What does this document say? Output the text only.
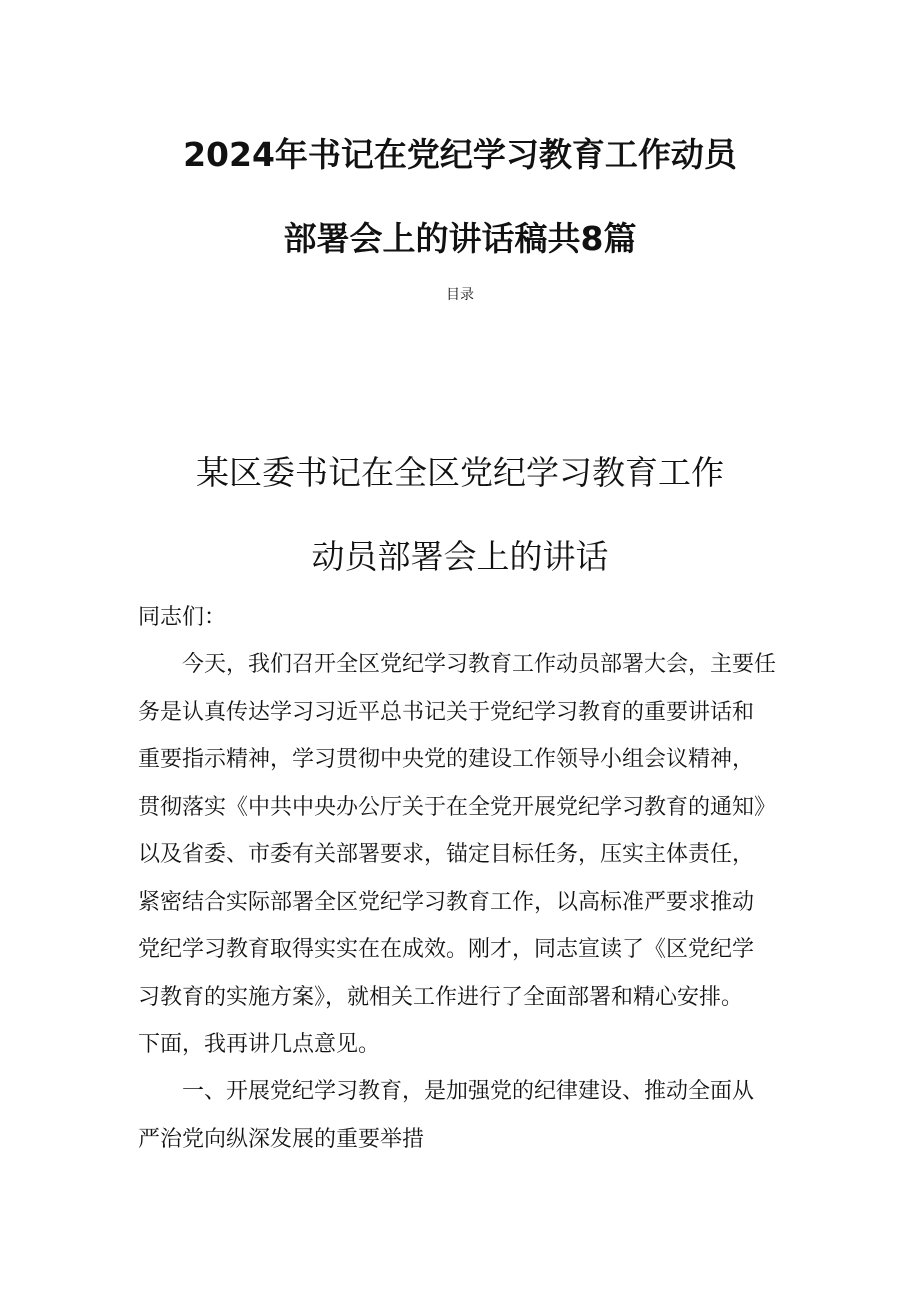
2024年书记在党纪学习教育工作动员
部署会上的讲话稿共8篇
目录
某区委书记在全区党纪学习教育工作
动员部署会上的讲话

同志们：

今天，我们召开全区党纪学习教育工作动员部署大会，主要任
务是认真传达学习习近平总书记关于党纪学习教育的重要讲话和
重要指示精神，学习贯彻中央党的建设工作领导小组会议精神，
贯彻落实《中共中央办公厅关于在全党开展党纪学习教育的通知》
以及省委、市委有关部署要求，锚定目标任务，压实主体责任，
紧密结合实际部署全区党纪学习教育工作，以高标准严要求推动
党纪学习教育取得实实在在成效。刚才，同志宣读了《区党纪学
习教育的实施方案》，就相关工作进行了全面部署和精心安排。
下面，我再讲几点意见。

一、开展党纪学习教育，是加强党的纪律建设、推动全面从
严治党向纵深发展的重要举措
